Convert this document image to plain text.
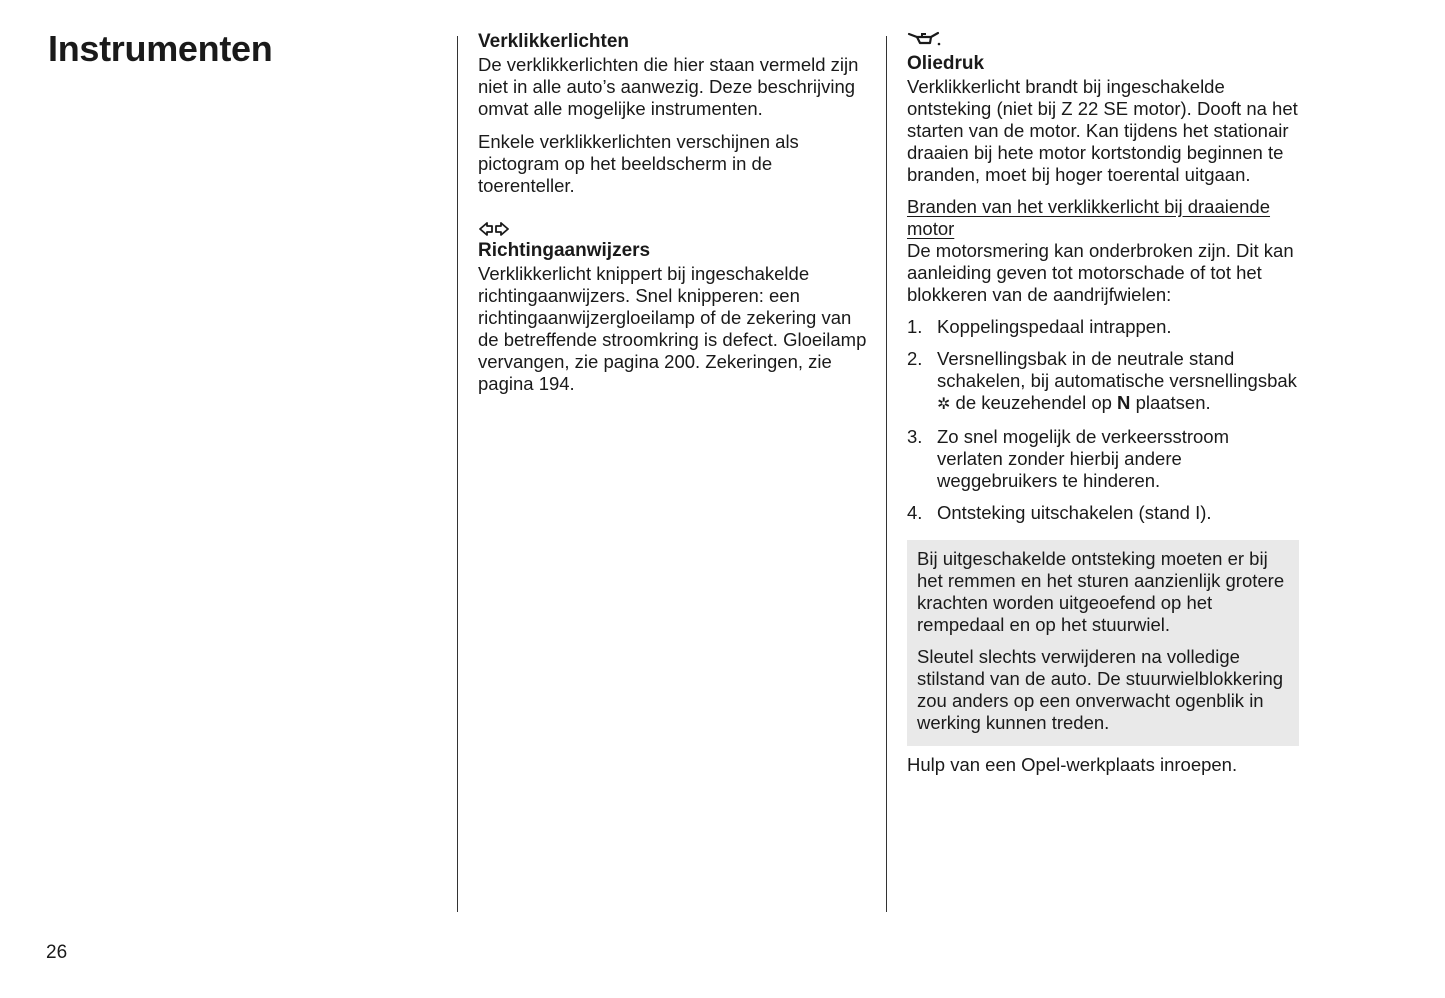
Instrumenten	Verklikkerlichten

De verklikkerlichten die hier staan vermeld zijn niet in alle auto’s aanwezig. Deze beschrijving omvat alle mogelijke instrumenten.

Enkele verklikkerlichten verschijnen als pictogram op het beeldscherm in de toerenteller.

Richtingaanwijzers

Verklikkerlicht knippert bij ingeschakelde richtingaanwijzers. Snel knipperen: een richtingaanwijzergloeilamp of de zekering van de betreffende stroomkring is defect. Gloeilamp vervangen, zie pagina 200. Zekeringen, zie pagina 194.

Oliedruk

Verklikkerlicht brandt bij ingeschakelde ontsteking (niet bij Z 22 SE motor). Dooft na het starten van de motor. Kan tijdens het stationair draaien bij hete motor kortstondig beginnen te branden, moet bij hoger toerental uitgaan.

Branden van het verklikkerlicht bij draaiende motor

De motorsmering kan onderbroken zijn. Dit kan aanleiding geven tot motorschade of tot het blokkeren van de aandrijfwielen:

1. Koppelingspedaal intrappen.
2. Versnellingsbak in de neutrale stand schakelen, bij automatische versnellingsbak ✲ de keuzehendel op N plaatsen.
3. Zo snel mogelijk de verkeersstroom verlaten zonder hierbij andere weggebruikers te hinderen.
4. Ontsteking uitschakelen (stand I).

Bij uitgeschakelde ontsteking moeten er bij het remmen en het sturen aanzienlijk grotere krachten worden uitgeoefend op het rempedaal en op het stuurwiel.

Sleutel slechts verwijderen na volledige stilstand van de auto. De stuurwielblokkering zou anders op een onverwacht ogenblik in werking kunnen treden.

Hulp van een Opel-werkplaats inroepen.

26
